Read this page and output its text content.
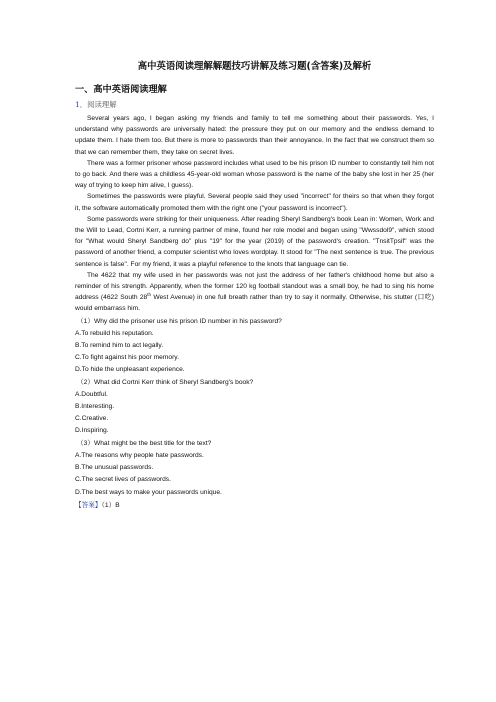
高中英语阅读理解解题技巧讲解及练习题(含答案)及解析
一、高中英语阅读理解
1．阅读理解

Several years ago, I began asking my friends and family to tell me something about their passwords. Yes, I understand why passwords are universally hated: the pressure they put on our memory and the endless demand to update them. I hate them too. But there is more to passwords than their annoyance. In the fact that we construct them so that we can remember them, they take on secret lives.

There was a former prisoner whose password includes what used to be his prison ID number to constantly tell him not to go back. And there was a childless 45-year-old woman whose password is the name of the baby she lost in her 25 (her way of trying to keep him alive, I guess).

Sometimes the passwords were playful. Several people said they used "incorrect" for theirs so that when they forgot it, the software automatically promoted them with the right one ("your password is incorrect").

Some passwords were striking for their uniqueness. After reading Sheryl Sandberg's book Lean in: Women, Work and the Will to Lead, Cortni Kerr, a running partner of mine, found her role model and began using "Wwssdol9", which stood for "What would Sheryl Sandberg do" plus "19" for the year (2019) of the password's creation. "TnsitTpsif" was the password of another friend, a computer scientist who loves wordplay. It stood for "The next sentence is true. The previous sentence is false". For my friend, it was a playful reference to the knots that language can tie.

The 4622 that my wife used in her passwords was not just the address of her father's childhood home but also a reminder of his strength. Apparently, when the former 120 kg football standout was a small boy, he had to sing his home address (4622 South 28th West Avenue) in one full breath rather than try to say it normally. Otherwise, his stutter (口吃) would embarrass him.

（1）Why did the prisoner use his prison ID number in his password?
A.To rebuild his reputation.
B.To remind him to act legally.
C.To fight against his poor memory.
D.To hide the unpleasant experience.
（2）What did Cortni Kerr think of Sheryl Sandberg's book?
A.Doubtful.
B.Interesting.
C.Creative.
D.Inspiring.
（3）What might be the best title for the text?
A.The reasons why people hate passwords.
B.The unusual passwords.
C.The secret lives of passwords.
D.The best ways to make your passwords unique.
【答案】（1）B
